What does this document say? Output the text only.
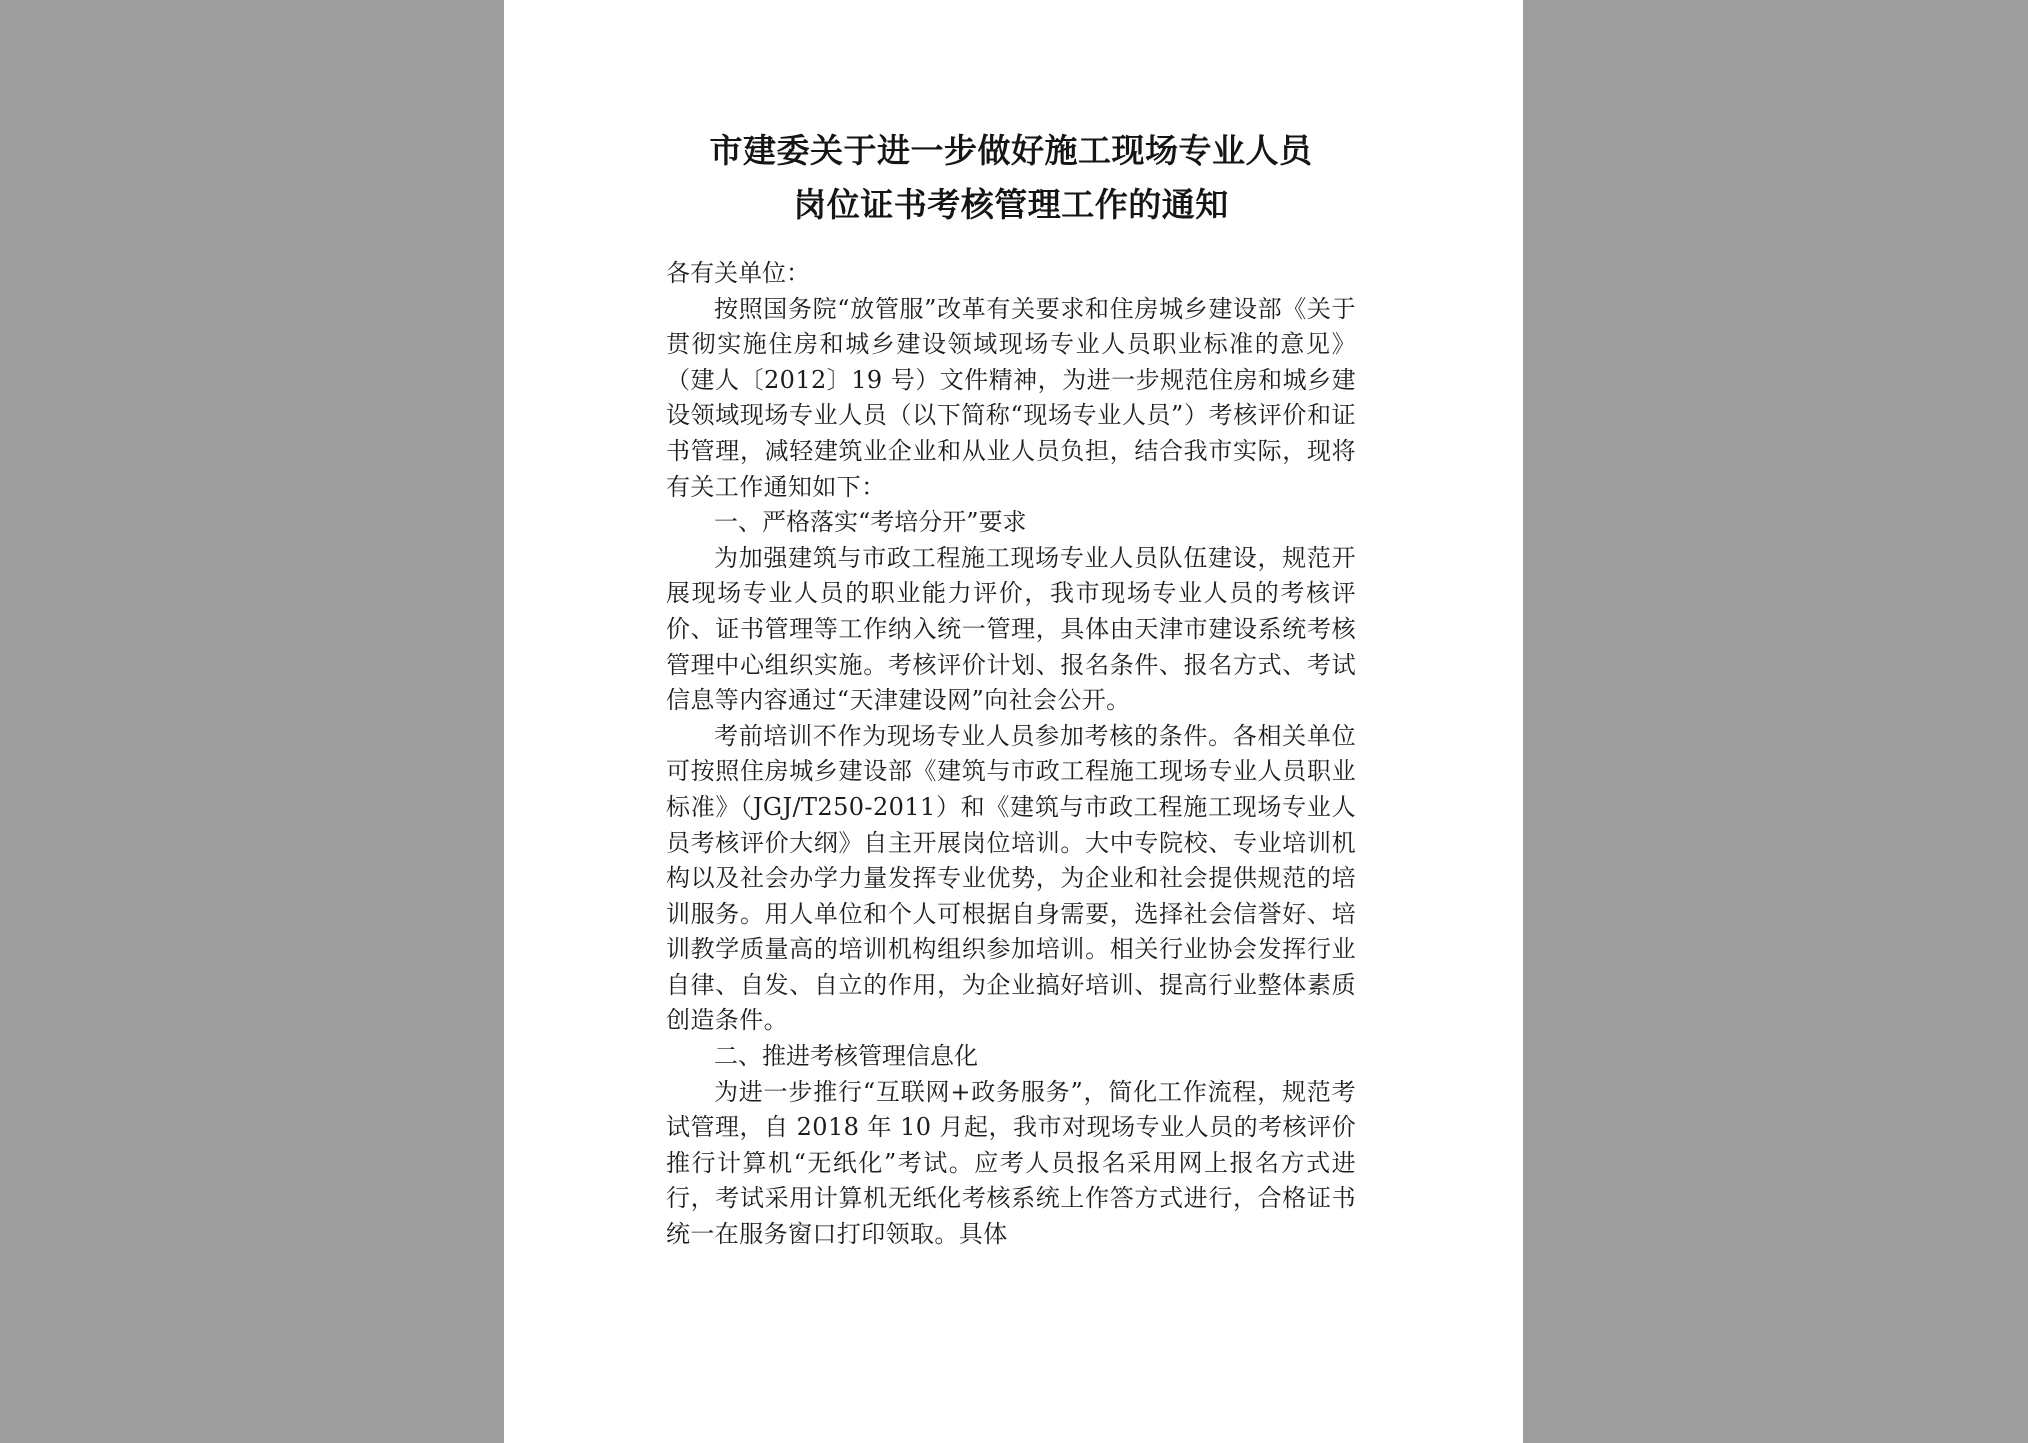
市建委关于进一步做好施工现场专业人员
岗位证书考核管理工作的通知

各有关单位：

按照国务院“放管服”改革有关要求和住房城乡建设部《关于贯彻实施住房和城乡建设领域现场专业人员职业标准的意见》（建人〔2012〕19 号）文件精神，为进一步规范住房和城乡建设领域现场专业人员（以下简称“现场专业人员”）考核评价和证书管理，减轻建筑业企业和从业人员负担，结合我市实际，现将有关工作通知如下：

一、严格落实“考培分开”要求

为加强建筑与市政工程施工现场专业人员队伍建设，规范开展现场专业人员的职业能力评价，我市现场专业人员的考核评价、证书管理等工作纳入统一管理，具体由天津市建设系统考核管理中心组织实施。考核评价计划、报名条件、报名方式、考试信息等内容通过“天津建设网”向社会公开。

考前培训不作为现场专业人员参加考核的条件。各相关单位可按照住房城乡建设部《建筑与市政工程施工现场专业人员职业标准》（JGJ/T250-2011）和《建筑与市政工程施工现场专业人员考核评价大纲》自主开展岗位培训。大中专院校、专业培训机构以及社会办学力量发挥专业优势，为企业和社会提供规范的培训服务。用人单位和个人可根据自身需要，选择社会信誉好、培训教学质量高的培训机构组织参加培训。相关行业协会发挥行业自律、自发、自立的作用，为企业搞好培训、提高行业整体素质创造条件。

二、推进考核管理信息化

为进一步推行“互联网+政务服务”，简化工作流程，规范考试管理，自 2018 年 10 月起，我市对现场专业人员的考核评价推行计算机“无纸化”考试。应考人员报名采用网上报名方式进行，考试采用计算机无纸化考核系统上作答方式进行，合格证书统一在服务窗口打印领取。具体
